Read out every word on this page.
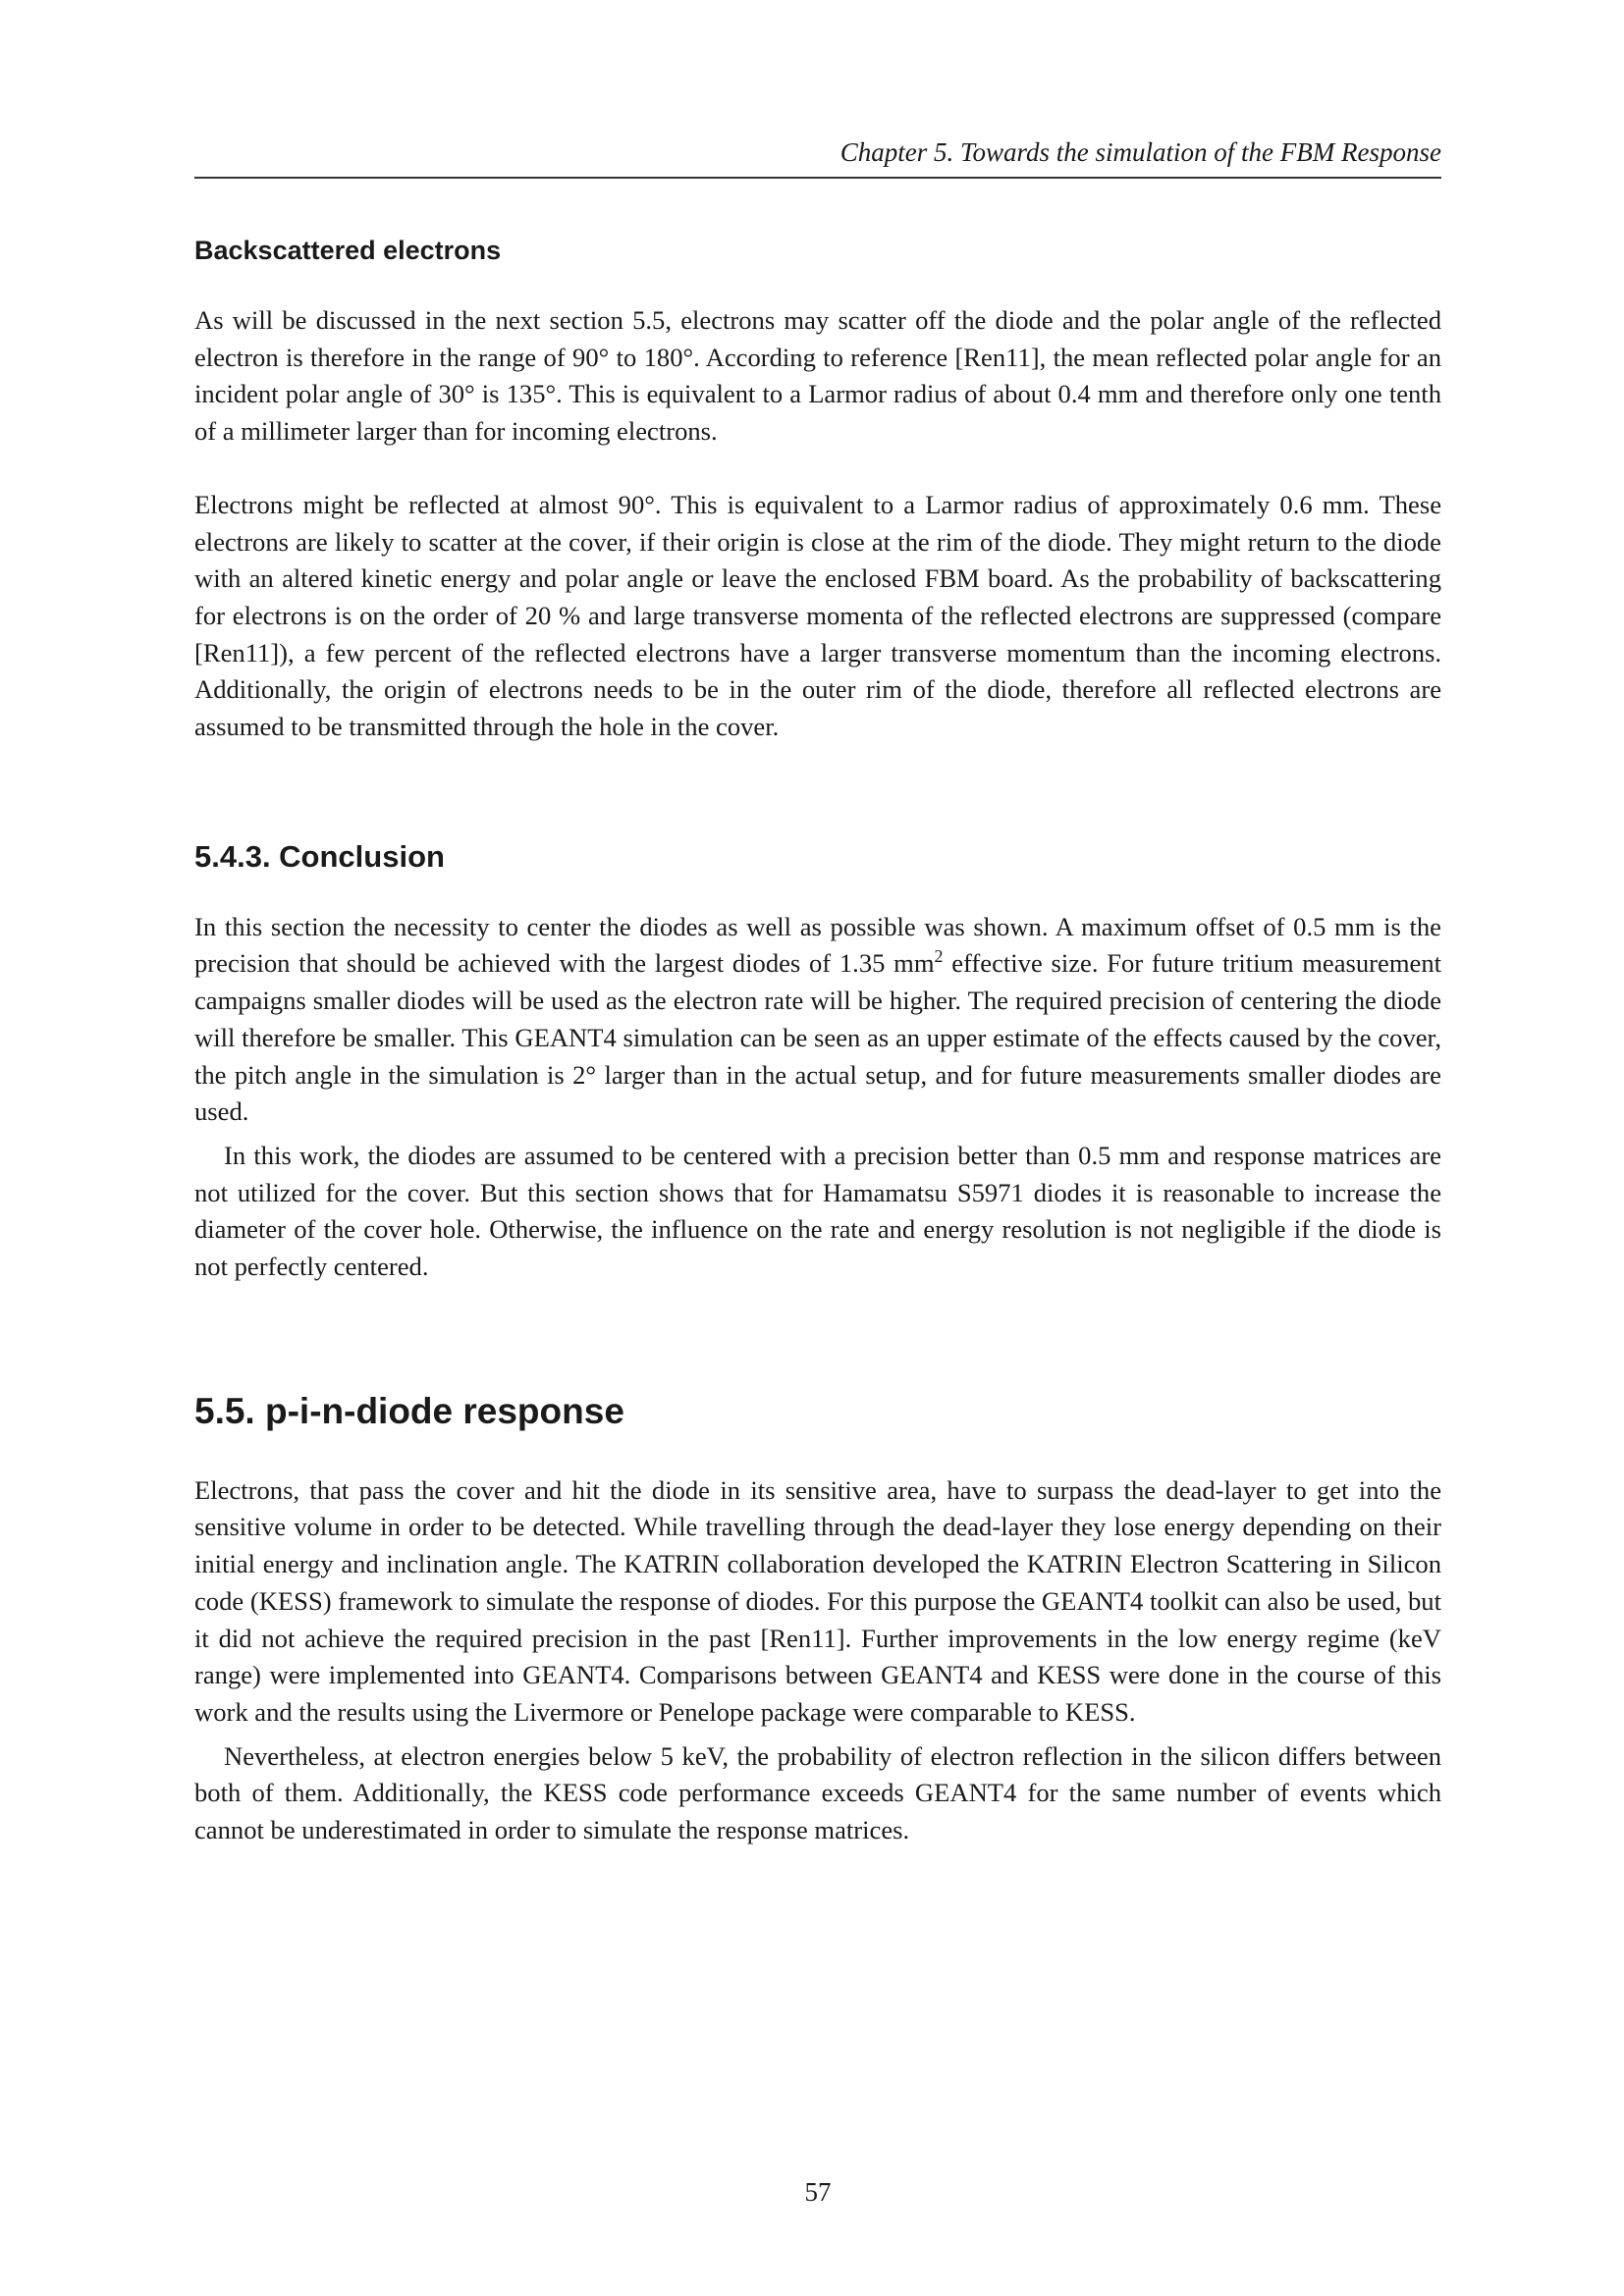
Chapter 5. Towards the simulation of the FBM Response
Backscattered electrons

As will be discussed in the next section 5.5, electrons may scatter off the diode and the polar angle of the reflected electron is therefore in the range of 90° to 180°. According to reference [Ren11], the mean reflected polar angle for an incident polar angle of 30° is 135°. This is equivalent to a Larmor radius of about 0.4 mm and therefore only one tenth of a millimeter larger than for incoming electrons.

Electrons might be reflected at almost 90°. This is equivalent to a Larmor radius of approximately 0.6 mm. These electrons are likely to scatter at the cover, if their origin is close at the rim of the diode. They might return to the diode with an altered kinetic energy and polar angle or leave the enclosed FBM board. As the probability of backscattering for electrons is on the order of 20 % and large transverse momenta of the reflected electrons are suppressed (compare [Ren11]), a few percent of the reflected electrons have a larger transverse momentum than the incoming electrons. Additionally, the origin of electrons needs to be in the outer rim of the diode, therefore all reflected electrons are assumed to be transmitted through the hole in the cover.

5.4.3. Conclusion

In this section the necessity to center the diodes as well as possible was shown. A maximum offset of 0.5 mm is the precision that should be achieved with the largest diodes of 1.35 $mm^2$ effective size. For future tritium measurement campaigns smaller diodes will be used as the electron rate will be higher. The required precision of centering the diode will therefore be smaller. This GEANT4 simulation can be seen as an upper estimate of the effects caused by the cover, the pitch angle in the simulation is 2° larger than in the actual setup, and for future measurements smaller diodes are used.

In this work, the diodes are assumed to be centered with a precision better than 0.5 mm and response matrices are not utilized for the cover. But this section shows that for Hamamatsu S5971 diodes it is reasonable to increase the diameter of the cover hole. Otherwise, the influence on the rate and energy resolution is not negligible if the diode is not perfectly centered.

5.5. p-i-n-diode response

Electrons, that pass the cover and hit the diode in its sensitive area, have to surpass the dead-layer to get into the sensitive volume in order to be detected. While travelling through the dead-layer they lose energy depending on their initial energy and inclination angle. The KATRIN collaboration developed the KATRIN Electron Scattering in Silicon code (KESS) framework to simulate the response of diodes. For this purpose the GEANT4 toolkit can also be used, but it did not achieve the required precision in the past [Ren11]. Further improvements in the low energy regime (keV range) were implemented into GEANT4. Comparisons between GEANT4 and KESS were done in the course of this work and the results using the Livermore or Penelope package were comparable to KESS.

Nevertheless, at electron energies below 5 keV, the probability of electron reflection in the silicon differs between both of them. Additionally, the KESS code performance exceeds GEANT4 for the same number of events which cannot be underestimated in order to simulate the response matrices.

57
